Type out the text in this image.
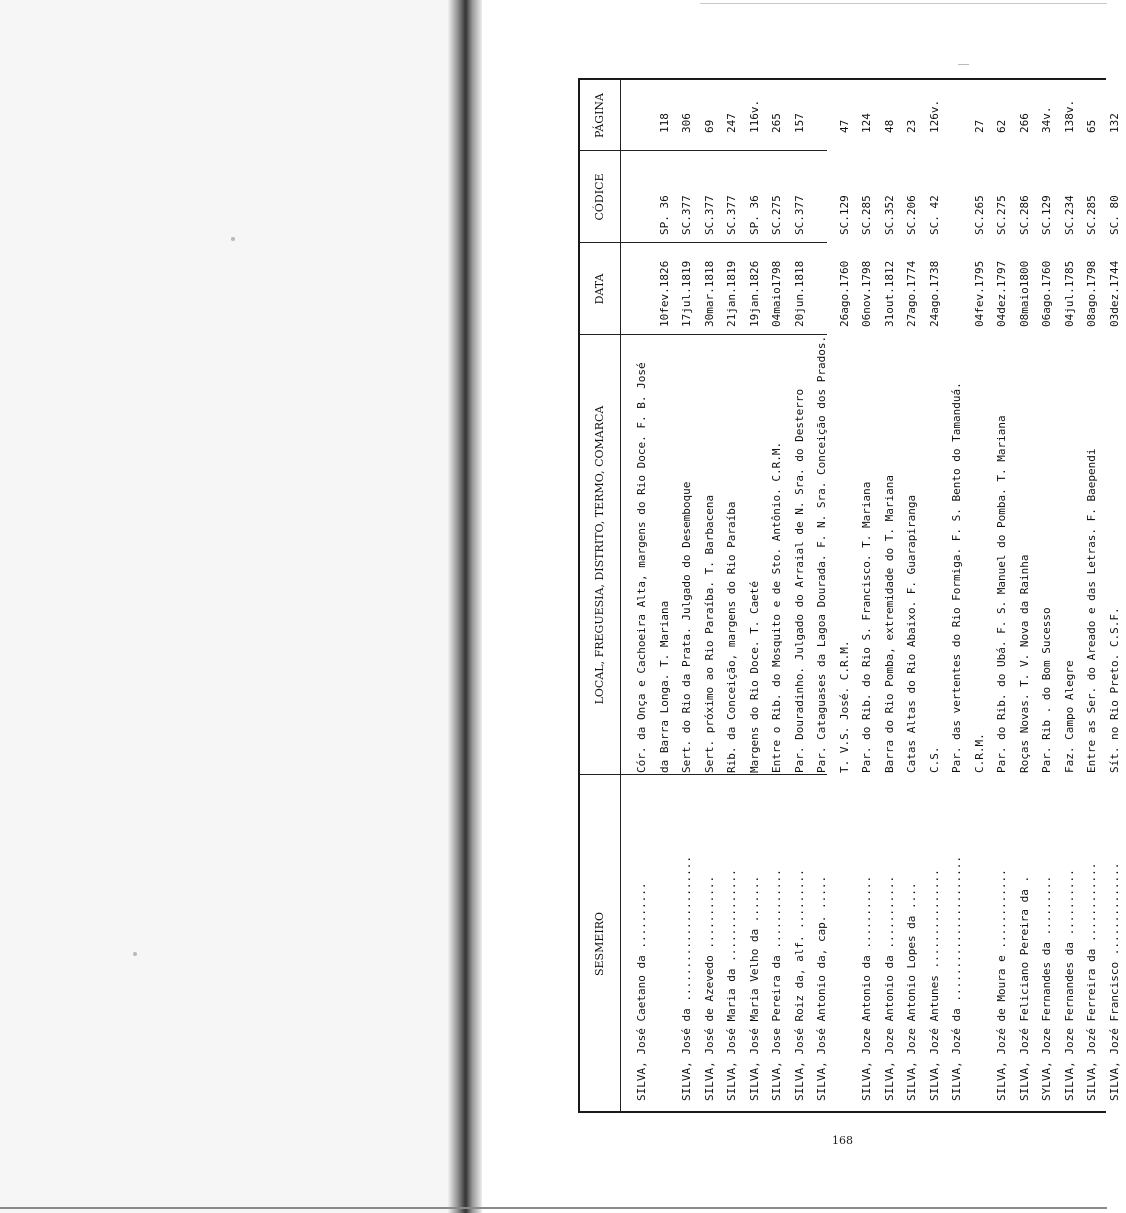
SESMEIRO
LOCAL, FREGUESIA, DISTRITO, TERMO, COMARCA
DATA
CÓDICE
PÁGINA
SILVA, José Caetano da ..........
Cór. da Onça e Cachoeira Alta, margens do Rio Doce. F. B. José da Barra Longa. T. Mariana
10fev.1826
SP. 36
118
SILVA, José da ......................
Sert. do Rio da Prata. Julgado do Desemboque
17jul.1819
SC.377
306
SILVA, José de Azevedo ...........
Sert. próximo ao Rio Paraíba. T. Barbacena
30mar.1818
SC.377
69
SILVA, José Maria da ..............
Rib. da Conceição, margens do Rio Paraíba
21jan.1819
SC.377
247
SILVA, José Maria Velho da .......
Margens do Rio Doce. T. Caeté
19jan.1826
SP. 36
116v.
SILVA, Jose Pereira da ............
Entre o Rib. do Mosquito e de Sto. Antônio. C.R.M.
04maio1798
SC.275
265
SILVA, José Roiz da, alf. .........
Par. Douradinho. Julgado do Arraial de N. Sra. do Desterro
20jun.1818
SC.377
157
SILVA, José Antonio da, cap. .....
Par. Cataguases da Lagoa Dourada. F. N. Sra. Conceição dos Prados. T. V.S. José. C.R.M.
26ago.1760
SC.129
47
SILVA, Joze Antonio da ...........
Par. do Rib. do Rio S. Francisco. T. Mariana
06nov.1798
SC.285
124
SILVA, Joze Antonio da ...........
Barra do Rio Pomba, extremidade do T. Mariana
31out.1812
SC.352
48
SILVA, Joze Antonio Lopes da ....
Catas Altas do Rio Abaixo. F. Guarapiranga
27ago.1774
SC.206
23
SILVA, Jozé Antunes ...............
C.S.
24ago.1738
SC. 42
126v.
SILVA, Jozé da ......................
Par. das vertentes do Rio Formiga. F. S. Bento do Tamanduá. C.R.M.
04fev.1795
SC.265
27
SILVA, Jozé de Moura e ............
Par. do Rib. do Ubá. F. S. Manuel do Pomba. T. Mariana
04dez.1797
SC.275
62
SILVA, Jozé Feliciano Pereira da .
Roças Novas. T. V. Nova da Rainha
08maio1800
SC.286
266
SYLVA, Joze Fernandes da .........
Par. Rib . do Bom Sucesso
06ago.1760
SC.129
34v.
SILVA, Joze Fernandes da ..........
Faz. Campo Alegre
04jul.1785
SC.234
138v.
SILVA, Jozé Ferreira da ............
Entre as Ser. do Areado e das Letras. F. Baependi
08ago.1798
SC.285
65
SILVA, Jozé Francisco ..............
Sít. no Rio Preto. C.S.F.
03dez.1744
SC. 80
132
168
